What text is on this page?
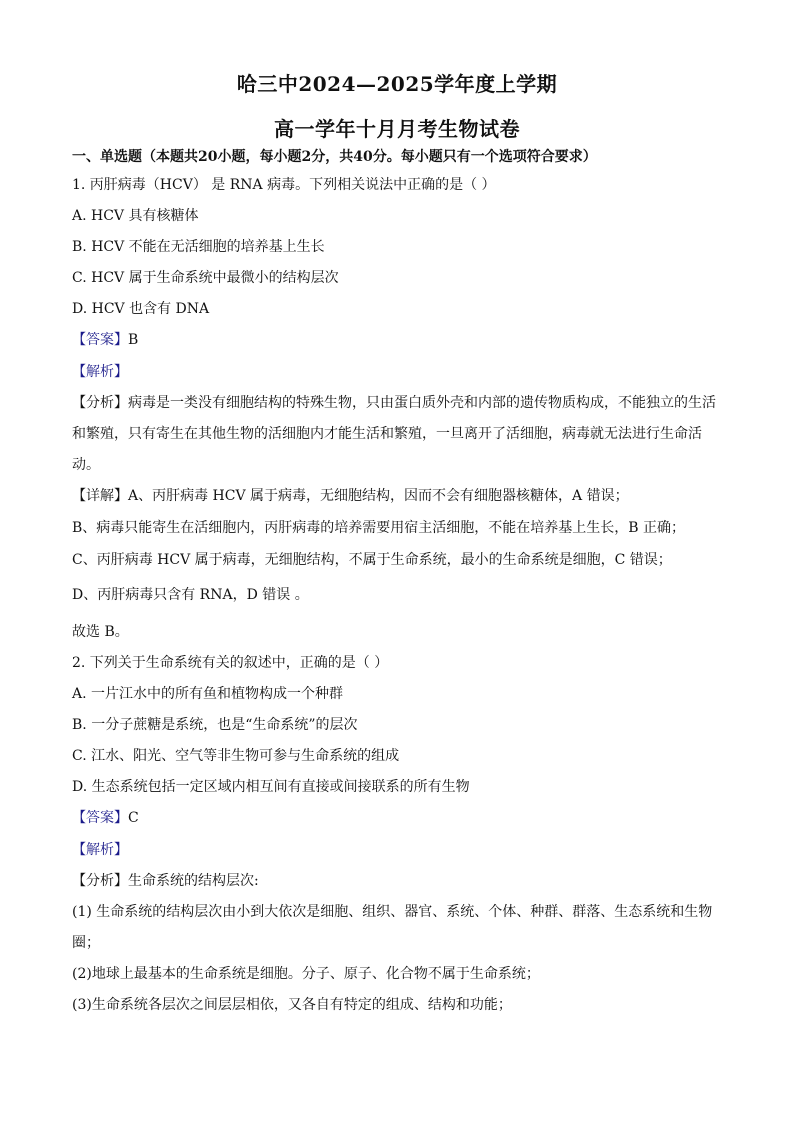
哈三中2024—2025学年度上学期
高一学年十月月考生物试卷
一、单选题（本题共20小题，每小题2分，共40分。每小题只有一个选项符合要求）
1. 丙肝病毒（HCV） 是 RNA 病毒。下列相关说法中正确的是（ ）
A. HCV 具有核糖体
B. HCV 不能在无活细胞的培养基上生长
C. HCV 属于生命系统中最微小的结构层次
D. HCV 也含有 DNA
【答案】B
【解析】
【分析】病毒是一类没有细胞结构的特殊生物，只由蛋白质外壳和内部的遗传物质构成，不能独立的生活
和繁殖，只有寄生在其他生物的活细胞内才能生活和繁殖，一旦离开了活细胞，病毒就无法进行生命活
动。
【详解】A、丙肝病毒 HCV 属于病毒，无细胞结构，因而不会有细胞器核糖体，A 错误；
B、病毒只能寄生在活细胞内，丙肝病毒的培养需要用宿主活细胞，不能在培养基上生长，B 正确；
C、丙肝病毒 HCV 属于病毒，无细胞结构，不属于生命系统，最小的生命系统是细胞，C 错误；
D、丙肝病毒只含有 RNA，D 错误 。
故选 B。
2. 下列关于生命系统有关的叙述中，正确的是（ ）
A. 一片江水中的所有鱼和植物构成一个种群
B. 一分子蔗糖是系统，也是“生命系统”的层次
C. 江水、阳光、空气等非生物可参与生命系统的组成
D. 生态系统包括一定区域内相互间有直接或间接联系的所有生物
【答案】C
【解析】
【分析】生命系统的结构层次:
(1) 生命系统的结构层次由小到大依次是细胞、组织、器官、系统、个体、种群、群落、生态系统和生物
圈；
(2)地球上最基本的生命系统是细胞。分子、原子、化合物不属于生命系统；
(3)生命系统各层次之间层层相依，又各自有特定的组成、结构和功能；
